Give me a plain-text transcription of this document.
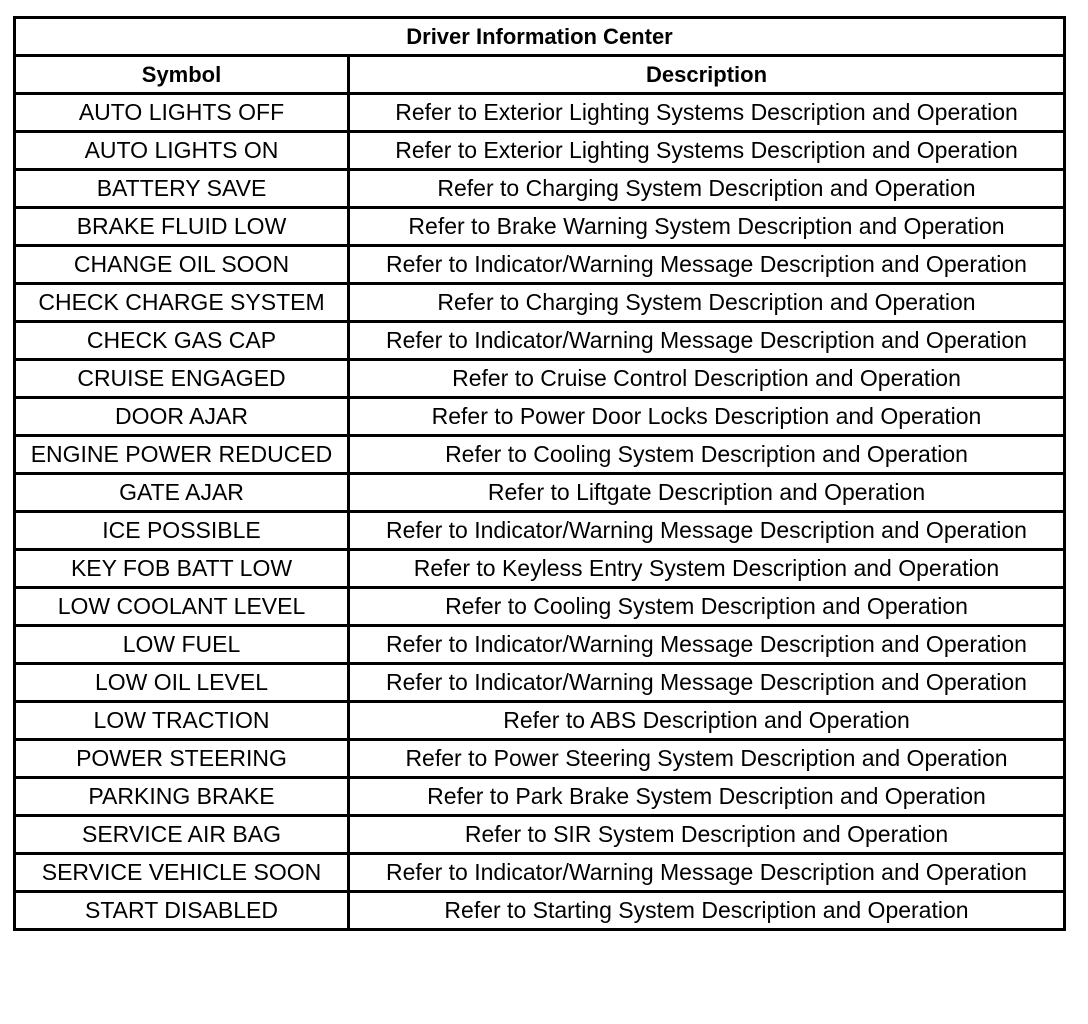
Driver Information Center	
Symbol	Description
AUTO LIGHTS OFF	Refer to Exterior Lighting Systems Description and Operation
AUTO LIGHTS ON	Refer to Exterior Lighting Systems Description and Operation
BATTERY SAVE	Refer to Charging System Description and Operation
BRAKE FLUID LOW	Refer to Brake Warning System Description and Operation
CHANGE OIL SOON	Refer to Indicator/Warning Message Description and Operation
CHECK CHARGE SYSTEM	Refer to Charging System Description and Operation
CHECK GAS CAP	Refer to Indicator/Warning Message Description and Operation
CRUISE ENGAGED	Refer to Cruise Control Description and Operation
DOOR AJAR	Refer to Power Door Locks Description and Operation
ENGINE POWER REDUCED	Refer to Cooling System Description and Operation
GATE AJAR	Refer to Liftgate Description and Operation
ICE POSSIBLE	Refer to Indicator/Warning Message Description and Operation
KEY FOB BATT LOW	Refer to Keyless Entry System Description and Operation
LOW COOLANT LEVEL	Refer to Cooling System Description and Operation
LOW FUEL	Refer to Indicator/Warning Message Description and Operation
LOW OIL LEVEL	Refer to Indicator/Warning Message Description and Operation
LOW TRACTION	Refer to ABS Description and Operation
POWER STEERING	Refer to Power Steering System Description and Operation
PARKING BRAKE	Refer to Park Brake System Description and Operation
SERVICE AIR BAG	Refer to SIR System Description and Operation
SERVICE VEHICLE SOON	Refer to Indicator/Warning Message Description and Operation
START DISABLED	Refer to Starting System Description and Operation
